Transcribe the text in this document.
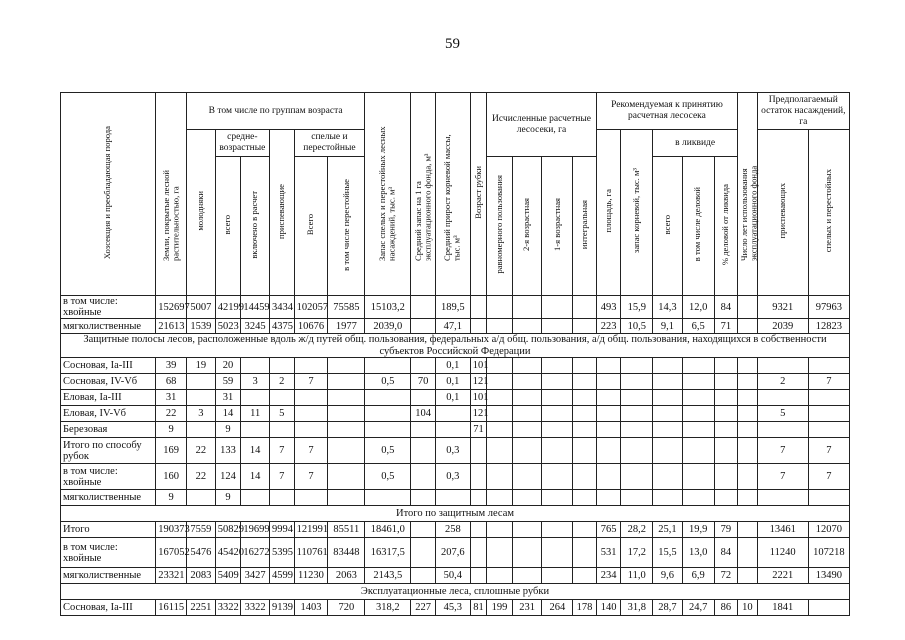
59
Хозсекция и преобладающая порода	Земли, покрытые лесной растительностью, га	В том числе по группам возраста						Запас спелых и перестойных лесных насаждений, тыс. м³	Средний запас на 1 га эксплуатационного фонда, м³	Средний прирост корневой массы, тыс. м³	Возраст рубки	Исчисленные расчетные лесосеки, га				Рекомендуемая к принятию расчетная лесосека					Число лет использования эксплуатационного фонда	Предполагаемый остаток насаждений, га	
		молодняки	средне-возрастные		приспевающие	спелые и перестойные										площадь, га	запас корневой, тыс. м³	в ликвиде				приспевающих	спелых и перестойных
			всего	включено в расчет		Всего	в том числе перестойные					равномерного пользования	2-я возрастная	1-я возрастная	интегральная			всего	в том числе деловой	% деловой от ликвида			
в том числе: хвойные	152697	5007	42199	14459	3434	102057	75585	15103,2		189,5						493	15,9	14,3	12,0	84		9321	97963
мягколиственные	21613	1539	5023	3245	4375	10676	1977	2039,0		47,1						223	10,5	9,1	6,5	71		2039	12823
Защитные полосы лесов, расположенные вдоль ж/д путей общ. пользования, федеральных а/д общ. пользования, а/д общ. пользования, находящихся в собственности субъектов Российской Федерации																							
Сосновая, Iа-III	39	19	20							0,1	101												
Сосновая, IV-Vб	68		59	3	2	7		0,5	70	0,1	121											2	7
Еловая, Iа-III	31		31							0,1	101												
Еловая, IV-Vб	22	3	14	11	5				104		121											5	
Березовая	9		9								71												
Итого по способу рубок	169	22	133	14	7	7		0,5		0,3												7	7
в том числе: хвойные	160	22	124	14	7	7		0,5		0,3												7	7
мягколиственные	9		9																				
Итого по защитным лесам																							
Итого	190373	7559	50829	19699	9994	121991	85511	18461,0		258						765	28,2	25,1	19,9	79		13461	12070
в том числе: хвойные	167052	5476	45420	16272	5395	110761	83448	16317,5		207,6						531	17,2	15,5	13,0	84		11240	107218
мягколиственные	23321	2083	5409	3427	4599	11230	2063	2143,5		50,4						234	11,0	9,6	6,9	72		2221	13490
Эксплуатационные леса, сплошные рубки																							
Сосновая, Iа-III	16115	2251	3322	3322	9139	1403	720	318,2	227	45,3	81	199	231	264	178	140	31,8	28,7	24,7	86	10	1841	
